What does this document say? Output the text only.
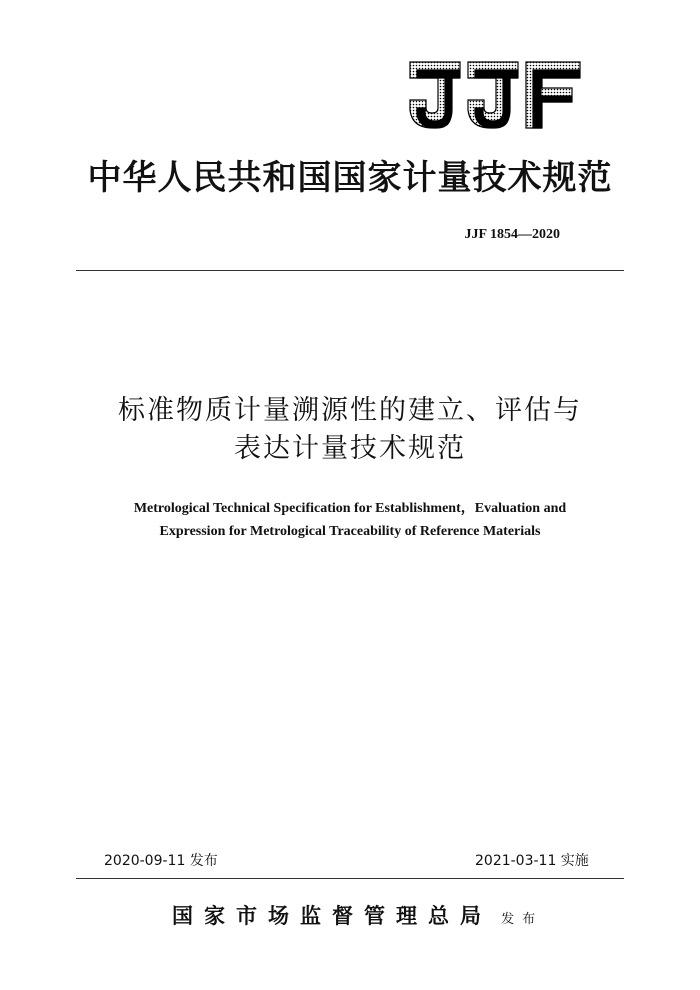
中华人民共和国国家计量技术规范
JJF 1854—2020
标准物质计量溯源性的建立、评估与
表达计量技术规范
Metrological Technical Specification for Establishment，Evaluation and
Expression for Metrological Traceability of Reference Materials
2020-09-11 发布	2021-03-11 实施
国家市场监督管理总局 发布
